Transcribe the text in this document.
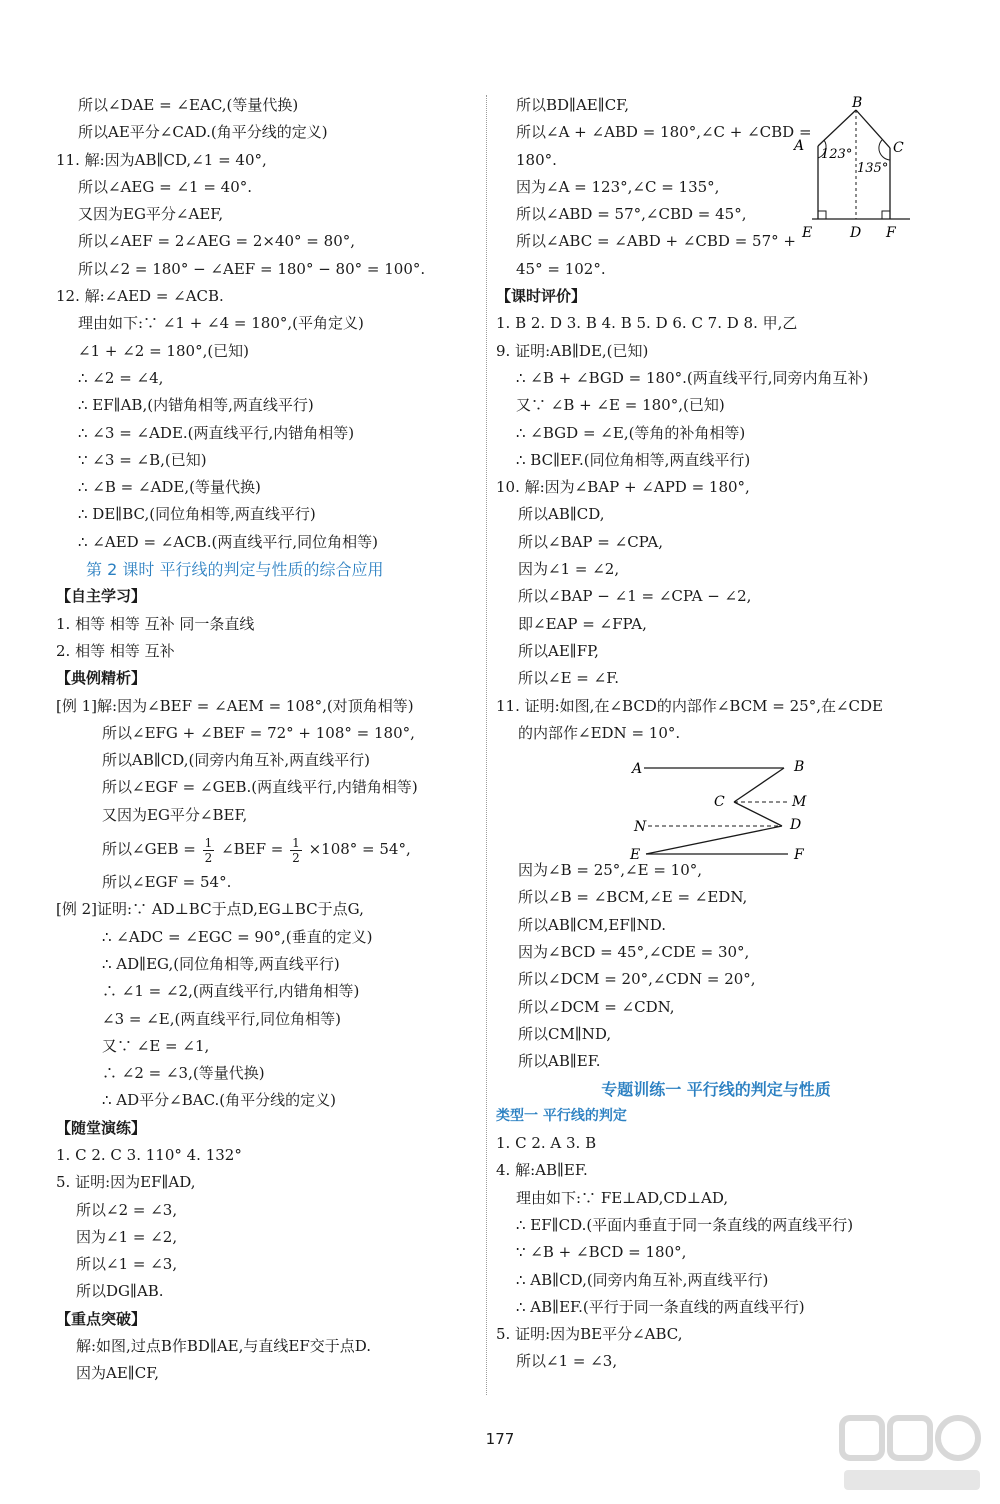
所以∠DAE = ∠EAC,(等量代换)
所以AE平分∠CAD.(角平分线的定义)
11. 解:因为AB∥CD,∠1 = 40°,
所以∠AEG = ∠1 = 40°.
又因为EG平分∠AEF,
所以∠AEF = 2∠AEG = 2×40° = 80°,
所以∠2 = 180° − ∠AEF = 180° − 80° = 100°.
12. 解:∠AED = ∠ACB.
理由如下:∵ ∠1 + ∠4 = 180°,(平角定义)
∠1 + ∠2 = 180°,(已知)
∴ ∠2 = ∠4,
∴ EF∥AB,(内错角相等,两直线平行)
∴ ∠3 = ∠ADE.(两直线平行,内错角相等)
∵ ∠3 = ∠B,(已知)
∴ ∠B = ∠ADE,(等量代换)
∴ DE∥BC,(同位角相等,两直线平行)
∴ ∠AED = ∠ACB.(两直线平行,同位角相等)
第 2 课时 平行线的判定与性质的综合应用
【自主学习】
1. 相等 相等 互补 同一条直线
2. 相等 相等 互补
【典例精析】
[例 1]解:因为∠BEF = ∠AEM = 108°,(对顶角相等)
所以∠EFG + ∠BEF = 72° + 108° = 180°,
所以AB∥CD,(同旁内角互补,两直线平行)
所以∠EGF = ∠GEB.(两直线平行,内错角相等)
又因为EG平分∠BEF,
所以∠GEB = $\frac{1}{2}$ ∠BEF = $\frac{1}{2} \times 108^\circ = 54^\circ$,
所以∠EGF = 54°.
[例 2]证明:∵ AD⊥BC于点D,EG⊥BC于点G,
∴ ∠ADC = ∠EGC = 90°,(垂直的定义)
∴ AD∥EG,(同位角相等,两直线平行)
∴ ∠1 = ∠2,(两直线平行,内错角相等)
∠3 = ∠E,(两直线平行,同位角相等)
又∵ ∠E = ∠1,
∴ ∠2 = ∠3,(等量代换)
∴ AD平分∠BAC.(角平分线的定义)
【随堂演练】
1. C 2. C 3. 110° 4. 132°
5. 证明:因为EF∥AD,
所以∠2 = ∠3,
因为∠1 = ∠2,
所以∠1 = ∠3,
所以DG∥AB.
【重点突破】
解:如图,过点B作BD∥AE,与直线EF交于点D.
因为AE∥CF,
所以BD∥AE∥CF,
所以∠A + ∠ABD = 180°,∠C + ∠CBD =
180°.
因为∠A = 123°,∠C = 135°,
所以∠ABD = 57°,∠CBD = 45°,
所以∠ABC = ∠ABD + ∠CBD = 57° +
45° = 102°.
【课时评价】
1. B 2. D 3. B 4. B 5. D 6. C 7. D 8. 甲,乙
9. 证明:AB∥DE,(已知)
∴ ∠B + ∠BGD = 180°.(两直线平行,同旁内角互补)
又∵ ∠B + ∠E = 180°,(已知)
∴ ∠BGD = ∠E,(等角的补角相等)
∴ BC∥EF.(同位角相等,两直线平行)
10. 解:因为∠BAP + ∠APD = 180°,
所以AB∥CD,
所以∠BAP = ∠CPA,
因为∠1 = ∠2,
所以∠BAP − ∠1 = ∠CPA − ∠2,
即∠EAP = ∠FPA,
所以AE∥FP,
所以∠E = ∠F.
11. 证明:如图,在∠BCD的内部作∠BCM = 25°,在∠CDE
的内部作∠EDN = 10°.
因为∠B = 25°,∠E = 10°,
所以∠B = ∠BCM,∠E = ∠EDN,
所以AB∥CM,EF∥ND.
因为∠BCD = 45°,∠CDE = 30°,
所以∠DCM = 20°,∠CDN = 20°,
所以∠DCM = ∠CDN,
所以CM∥ND,
所以AB∥EF.
专题训练一 平行线的判定与性质
类型一 平行线的判定
1. C 2. A 3. B
4. 解:AB∥EF.
理由如下:∵ FE⊥AD,CD⊥AD,
∴ EF∥CD.(平面内垂直于同一条直线的两直线平行)
∵ ∠B + ∠BCD = 180°,
∴ AB∥CD,(同旁内角互补,两直线平行)
∴ AB∥EF.(平行于同一条直线的两直线平行)
5. 证明:因为BE平分∠ABC,
所以∠1 = ∠3,
B
A	C
E	D F
123°
135°
A	B
C	M
N	D
E	F
177
